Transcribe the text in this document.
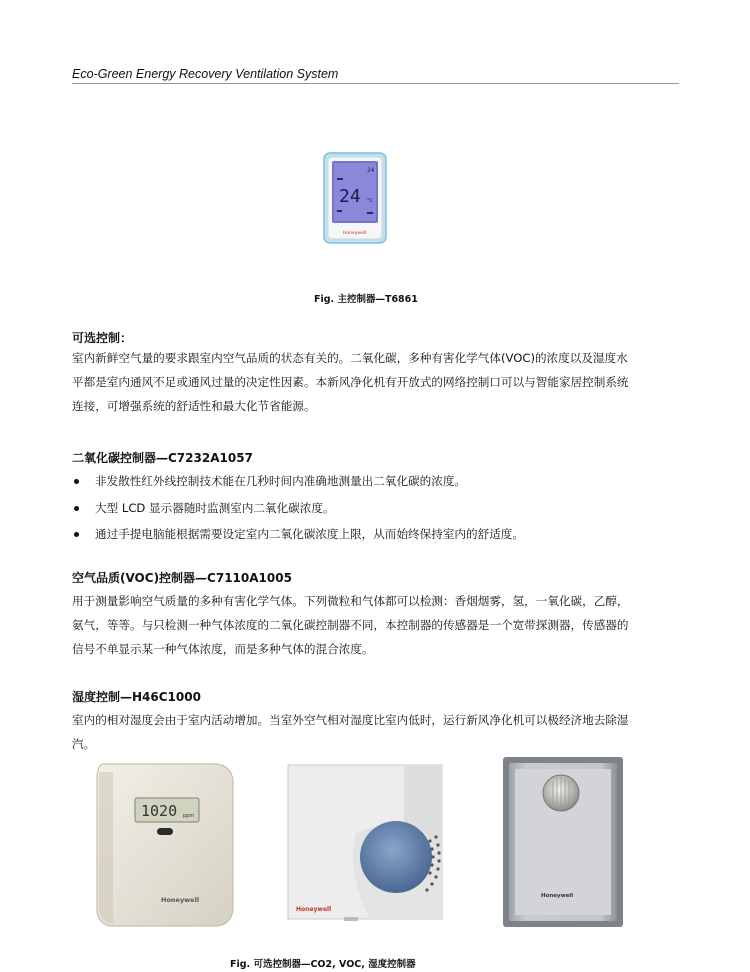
Eco-Green Energy Recovery Ventilation System
24
24 °C
Honeywell
Fig. 主控制器—T6861
可选控制：
室内新鲜空气量的要求跟室内空气品质的状态有关的。二氧化碳，多种有害化学气体(VOC)的浓度以及湿度水
平都是室内通风不足或通风过量的决定性因素。本新风净化机有开放式的网络控制口可以与智能家居控制系统
连接，可增强系统的舒适性和最大化节省能源。
二氧化碳控制器—C7232A1057
非发散性红外线控制技术能在几秒时间内准确地测量出二氧化碳的浓度。
大型 LCD 显示器随时监测室内二氧化碳浓度。
通过手提电脑能根据需要设定室内二氧化碳浓度上限，从而始终保持室内的舒适度。
空气品质(VOC)控制器—C7110A1005
用于测量影响空气质量的多种有害化学气体。下列微粒和气体都可以检测：香烟烟雾，氢，一氧化碳，乙醇，
氨气，等等。与只检测一种气体浓度的二氧化碳控制器不同，本控制器的传感器是一个宽带探测器，传感器的
信号不单显示某一种气体浓度，而是多种气体的混合浓度。
湿度控制—H46C1000
室内的相对湿度会由于室内活动增加。当室外空气相对湿度比室内低时，运行新风净化机可以极经济地去除湿
汽。
1020 ppm
Honeywell
Honeywell
Honeywell
Fig. 可选控制器—CO2, VOC, 湿度控制器
